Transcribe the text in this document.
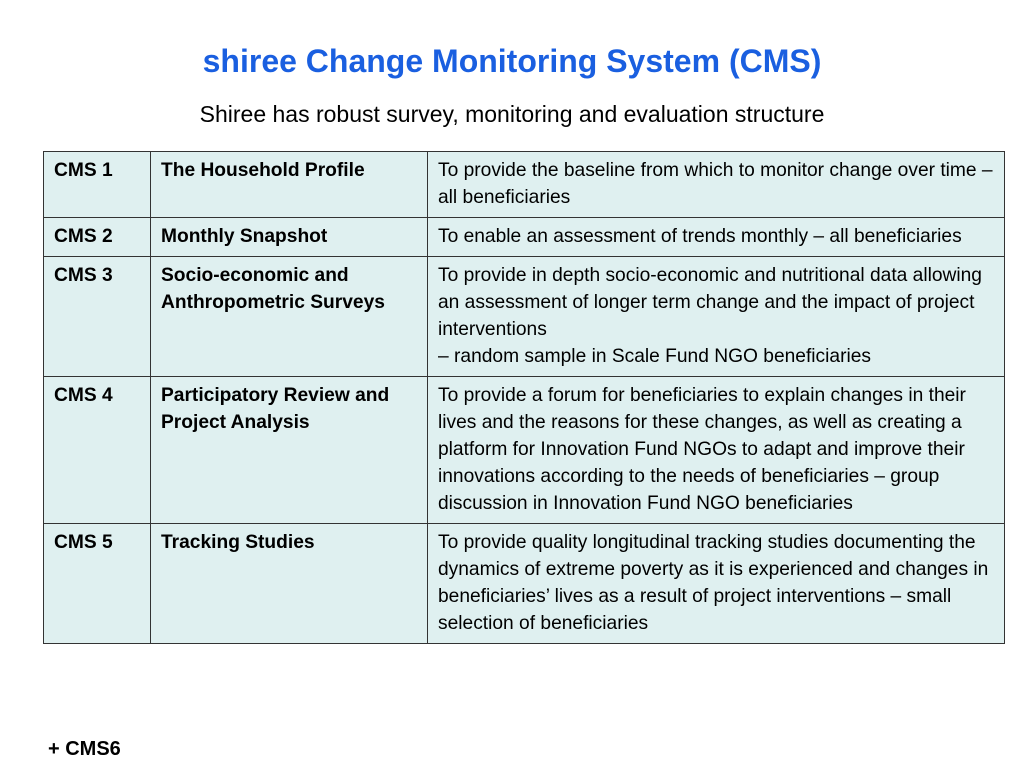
shiree Change Monitoring System (CMS)

Shiree has robust survey, monitoring and evaluation structure

CMS 1	The Household Profile	To provide the baseline from which to monitor change over time – all beneficiaries
CMS 2	Monthly Snapshot	To enable an assessment of trends monthly – all beneficiaries
CMS 3	Socio-economic and Anthropometric Surveys	To provide in depth socio-economic and nutritional data allowing an assessment of longer term change and the impact of project interventions
– random sample in Scale Fund NGO beneficiaries
CMS 4	Participatory Review and Project Analysis	To provide a forum for beneficiaries to explain changes in their lives and the reasons for these changes, as well as creating a platform for Innovation Fund NGOs to adapt and improve their innovations according to the needs of beneficiaries – group discussion in Innovation Fund NGO beneficiaries
CMS 5	Tracking Studies	To provide quality longitudinal tracking studies documenting the dynamics of extreme poverty as it is experienced and changes in beneficiaries’ lives as a result of project interventions – small selection of beneficiaries

+ CMS6
